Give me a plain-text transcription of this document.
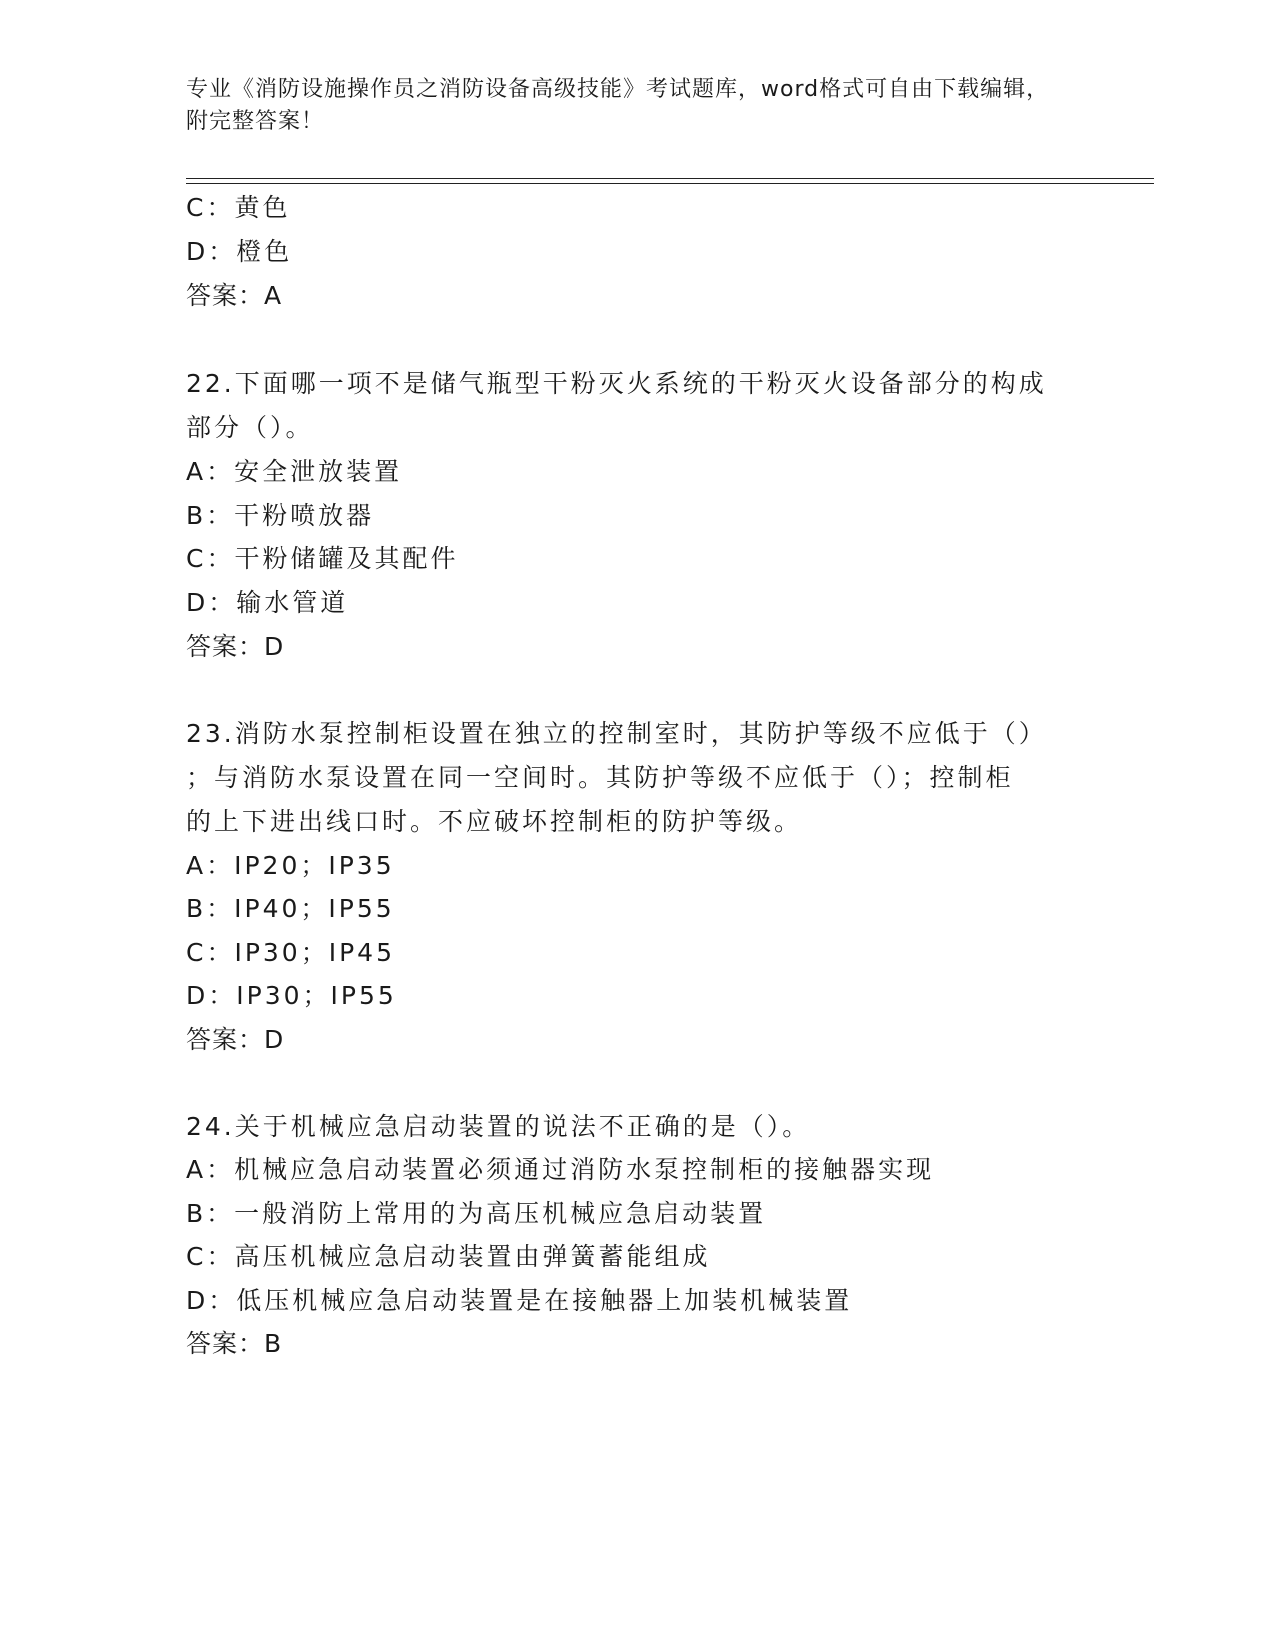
专业《消防设施操作员之消防设备高级技能》考试题库，word格式可自由下载编辑，附完整答案！
C：黄色
D：橙色
答案：A
22.下面哪一项不是储气瓶型干粉灭火系统的干粉灭火设备部分的构成
部分（）。
A：安全泄放装置
B：干粉喷放器
C：干粉储罐及其配件
D：输水管道
答案：D
23.消防水泵控制柜设置在独立的控制室时，其防护等级不应低于（）
；与消防水泵设置在同一空间时。其防护等级不应低于（）；控制柜
的上下进出线口时。不应破坏控制柜的防护等级。
A：IP20；IP35
B：IP40；IP55
C：IP30；IP45
D：IP30；IP55
答案：D
24.关于机械应急启动装置的说法不正确的是（）。
A：机械应急启动装置必须通过消防水泵控制柜的接触器实现
B：一般消防上常用的为高压机械应急启动装置
C：高压机械应急启动装置由弹簧蓄能组成
D：低压机械应急启动装置是在接触器上加装机械装置
答案：B
